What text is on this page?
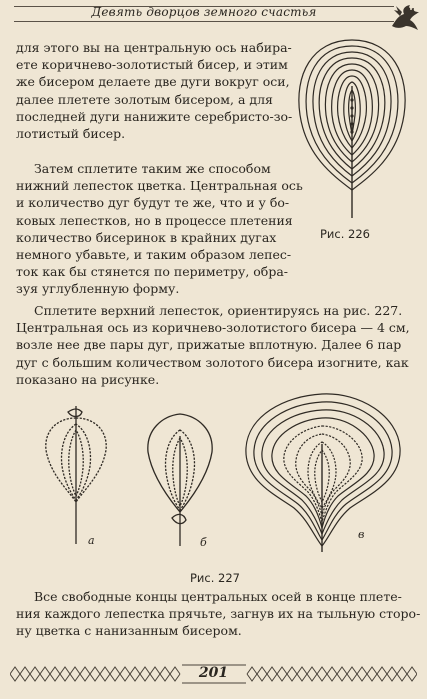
Девять дворцов земного счастья
для этого вы на центральную ось набира-
ете коричнево-золотистый бисер, и этим
же бисером делаете две дуги вокруг оси,
далее плетете золотым бисером, а для
последней дуги нанижите серебристо-зо-
лотистый бисер.
Затем сплетите таким же способом
нижний лепесток цветка. Центральная ось
и количество дуг будут те же, что и у бо-
ковых лепестков, но в процессе плетения
количество бисеринок в крайних дугах
немного убавьте, и таким образом лепес-
ток как бы стянется по периметру, обра-
зуя углубленную форму.
Рис. 226
Сплетите верхний лепесток, ориентируясь на рис. 227.
Центральная ось из коричнево-золотистого бисера — 4 см,
возле нее две пары дуг, прижатые вплотную. Далее 6 пар
дуг с большим количеством золотого бисера изогните, как
показано на рисунке.
а	б
в
Рис. 227
Все свободные концы центральных осей в конце плете-
ния каждого лепестка прячьте, загнув их на тыльную сторо-
ну цветка с нанизанным бисером.
201
